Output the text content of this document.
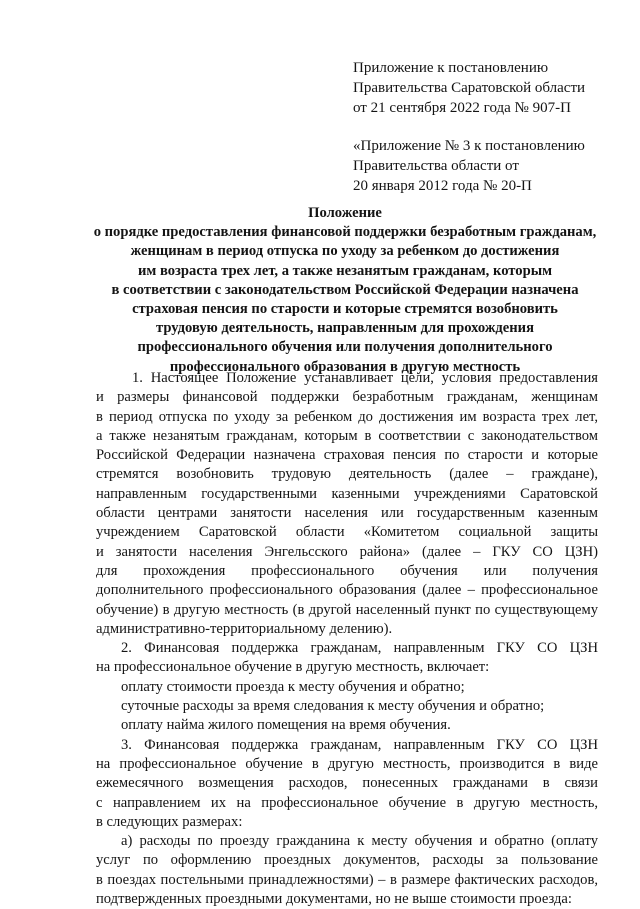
Приложение к постановлению
Правительства Саратовской области
от 21 сентября 2022 года № 907-П
«Приложение № 3 к постановлению
Правительства области от
20 января 2012 года № 20-П
Положение
о порядке предоставления финансовой поддержки безработным гражданам,
женщинам в период отпуска по уходу за ребенком до достижения
им возраста трех лет, а также незанятым гражданам, которым
в соответствии с законодательством Российской Федерации назначена
страховая пенсия по старости и которые стремятся возобновить
трудовую деятельность, направленным для прохождения
профессионального обучения или получения дополнительного
профессионального образования в другую местность
1. Настоящее Положение устанавливает цели, условия предоставления
и размеры финансовой поддержки безработным гражданам, женщинам
в период отпуска по уходу за ребенком до достижения им возраста трех лет,
а также незанятым гражданам, которым в соответствии с законодательством
Российской Федерации назначена страховая пенсия по старости и которые
стремятся возобновить трудовую деятельность (далее – граждане),
направленным государственными казенными учреждениями Саратовской
области центрами занятости населения или государственным казенным
учреждением Саратовской области «Комитетом социальной защиты
и занятости населения Энгельсского района» (далее – ГКУ СО ЦЗН)
для прохождения профессионального обучения или получения
дополнительного профессионального образования (далее – профессиональное
обучение) в другую местность (в другой населенный пункт по существующему
административно-территориальному делению).
2. Финансовая поддержка гражданам, направленным ГКУ СО ЦЗН
на профессиональное обучение в другую местность, включает:
оплату стоимости проезда к месту обучения и обратно;
суточные расходы за время следования к месту обучения и обратно;
оплату найма жилого помещения на время обучения.
3. Финансовая поддержка гражданам, направленным ГКУ СО ЦЗН
на профессиональное обучение в другую местность, производится в виде
ежемесячного возмещения расходов, понесенных гражданами в связи
с направлением их на профессиональное обучение в другую местность,
в следующих размерах:
а) расходы по проезду гражданина к месту обучения и обратно (оплату
услуг по оформлению проездных документов, расходы за пользование
в поездах постельными принадлежностями) – в размере фактических расходов,
подтвержденных проездными документами, но не выше стоимости проезда:
